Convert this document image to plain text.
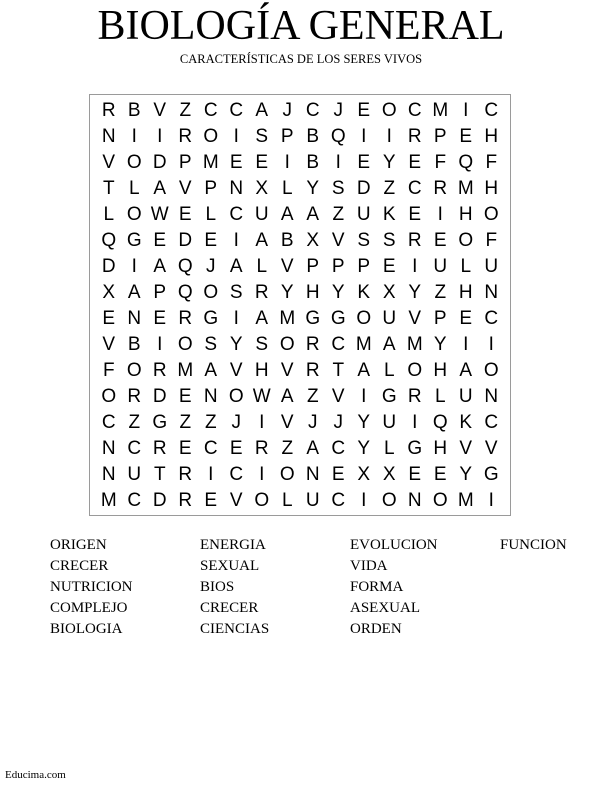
BIOLOGÍA GENERAL
CARACTERÍSTICAS DE LOS SERES VIVOS
R B V Z C C A J C J E O C M I C
N I	I R O I S P B Q I	I R P E H
V O D P M E E I B I E Y E F Q F
T L A V P N X L Y S D Z C R M H
L O W E L C U A A Z U K E I H O
Q G E D E I A B X V S S R E O F
D I A Q J A L V P P P E I U L U
X A P Q O S R Y H Y K X Y Z H N
E N E R G I A M G G O U V P E C
V B I O S Y S O R C M A M Y I	I
F O R M A V H V R T A L O H A O
O R D E N O W A Z V I G R L U N
C Z G Z Z J I V J J Y U I Q K C
N C R E C E R Z A C Y L G H V V
N U T R I C I O N E X X E E Y G
M C D R E V O L U C I O N O M I
ORIGEN	ENERGIA	EVOLUCION	FUNCION
CRECER	SEXUAL	VIDA
NUTRICION	BIOS	FORMA
COMPLEJO	CRECER	ASEXUAL
BIOLOGIA	CIENCIAS	ORDEN
Educima.com
